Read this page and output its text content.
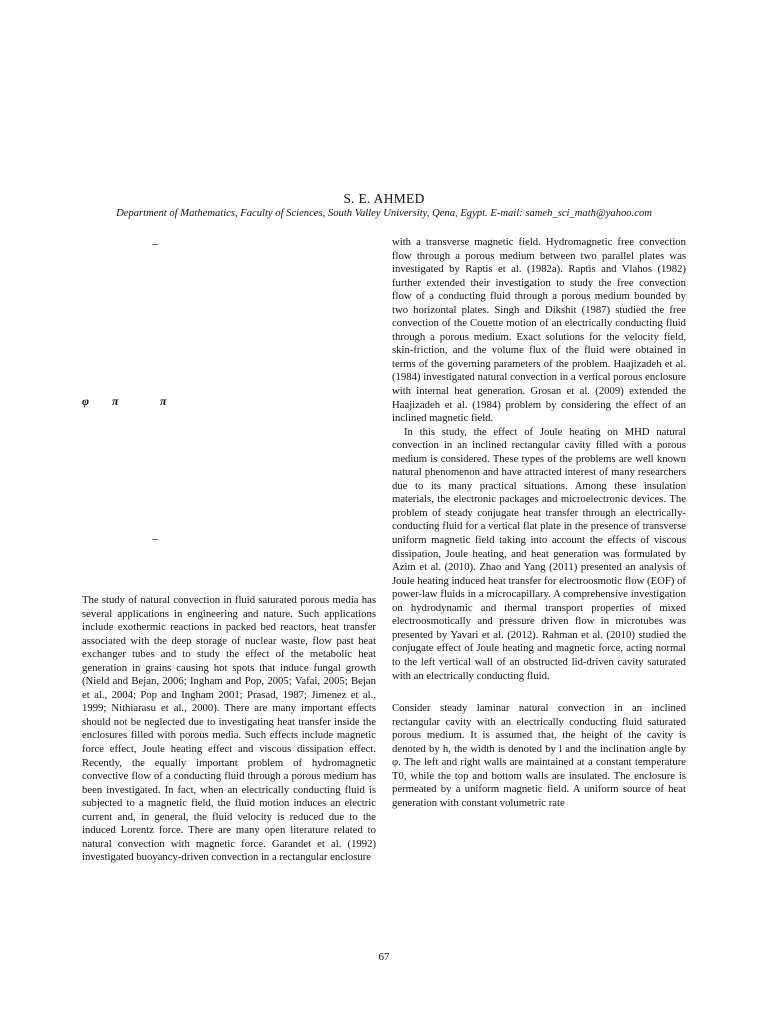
S. E. AHMED
Department of Mathematics, Faculty of Sciences, South Valley University, Qena, Egypt. E-mail: sameh_sci_math@yahoo.com
–
φ π	π
–

The study of natural convection in fluid saturated porous media has several applications in engineering and nature. Such applications include exothermic reactions in packed bed reactors, heat transfer associated with the deep storage of nuclear waste, flow past heat exchanger tubes and to study the effect of the metabolic heat generation in grains causing hot spots that induce fungal growth (Nield and Bejan, 2006; Ingham and Pop, 2005; Vafai, 2005; Bejan et al., 2004; Pop and Ingham 2001; Prasad, 1987; Jimenez et al., 1999; Nithiarasu et al., 2000). There are many important effects should not be neglected due to investigating heat transfer inside the enclosures filled with porous media. Such effects include magnetic force effect, Joule heating effect and viscous dissipation effect. Recently, the equally important problem of hydromagnetic convective flow of a conducting fluid through a porous medium has been investigated. In fact, when an electrically conducting fluid is subjected to a magnetic field, the fluid motion induces an electric current and, in general, the fluid velocity is reduced due to the induced Lorentz force. There are many open literature related to natural convection with magnetic force. Garandet et al. (1992) investigated buoyancy-driven convection in a rectangular enclosure

with a transverse magnetic field. Hydromagnetic free convection flow through a porous medium between two parallel plates was investigated by Raptis et al. (1982a). Raptis and Vlahos (1982) further extended their investigation to study the free convection flow of a conducting fluid through a porous medium bounded by two horizontal plates. Singh and Dikshit (1987) studied the free convection of the Couette motion of an electrically conducting fluid through a porous medium. Exact solutions for the velocity field, skin-friction, and the volume flux of the fluid were obtained in terms of the governing parameters of the problem. Haajizadeh et al. (1984) investigated natural convection in a vertical porous enclosure with internal heat generation. Grosan et al. (2009) extended the Haajizadeh et al. (1984) problem by considering the effect of an inclined magnetic field.

In this study, the effect of Joule heating on MHD natural convection in an inclined rectangular cavity filled with a porous medium is considered. These types of the problems are well known natural phenomenon and have attracted interest of many researchers due to its many practical situations. Among these insulation materials, the electronic packages and microelectronic devices. The problem of steady conjugate heat transfer through an electrically-conducting fluid for a vertical flat plate in the presence of transverse uniform magnetic field taking into account the effects of viscous dissipation, Joule heating, and heat generation was formulated by Azim et al. (2010). Zhao and Yang (2011) presented an analysis of Joule heating induced heat transfer for electroosmotic flow (EOF) of power-law fluids in a microcapillary. A comprehensive investigation on hydrodynamic and thermal transport properties of mixed electroosmotically and pressure driven flow in microtubes was presented by Yavari et al. (2012). Rahman et al. (2010) studied the conjugate effect of Joule heating and magnetic force, acting normal to the left vertical wall of an obstructed lid-driven cavity saturated with an electrically conducting fluid.

Consider steady laminar natural convection in an inclined rectangular cavity with an electrically conducting fluid saturated porous medium. It is assumed that, the height of the cavity is denoted by h, the width is denoted by l and the inclination angle by φ. The left and right walls are maintained at a constant temperature T0, while the top and bottom walls are insulated. The enclosure is permeated by a uniform magnetic field. A uniform source of heat generation with constant volumetric rate

67
